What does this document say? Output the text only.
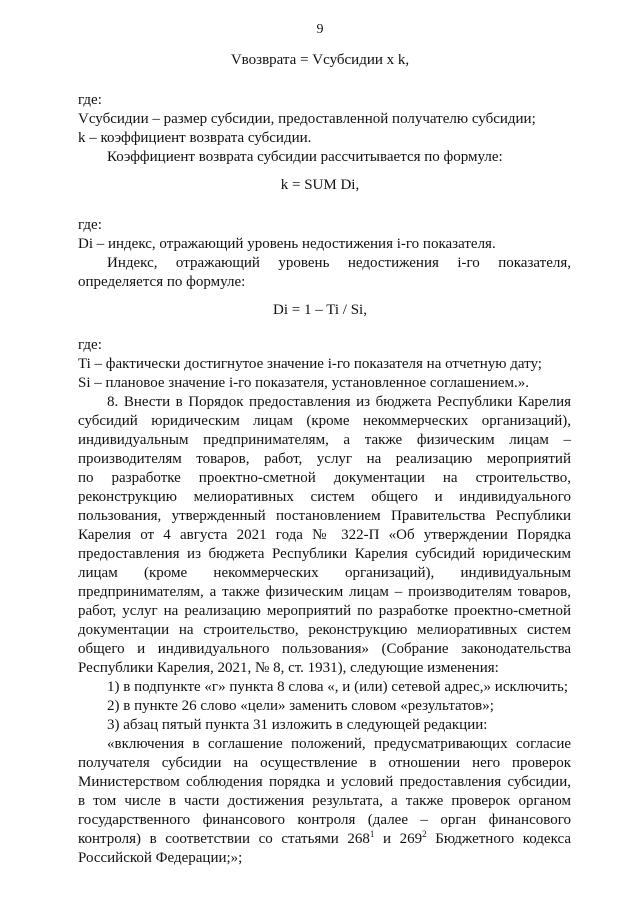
9
Vвозврата = Vсубсидии x k,
где:
Vсубсидии – размер субсидии, предоставленной получателю субсидии;
k – коэффициент возврата субсидии.
Коэффициент возврата субсидии рассчитывается по формуле:
k = SUM Di,
где:
Di – индекс, отражающий уровень недостижения i-го показателя.
Индекс, отражающий уровень недостижения i-го показателя,
определяется по формуле:
Di = 1 – Ti / Si,
где:
Ti – фактически достигнутое значение i-го показателя на отчетную дату;
Si – плановое значение i-го показателя, установленное соглашением.».
8. Внести в Порядок предоставления из бюджета Республики Карелия
субсидий юридическим лицам (кроме некоммерческих организаций),
индивидуальным предпринимателям, а также физическим лицам –
производителям товаров, работ, услуг на реализацию мероприятий
по разработке проектно-сметной документации на строительство,
реконструкцию мелиоративных систем общего и индивидуального
пользования, утвержденный постановлением Правительства Республики
Карелия от 4 августа 2021 года № 322-П «Об утверждении Порядка
предоставления из бюджета Республики Карелия субсидий юридическим
лицам (кроме некоммерческих организаций), индивидуальным
предпринимателям, а также физическим лицам – производителям товаров,
работ, услуг на реализацию мероприятий по разработке проектно-сметной
документации на строительство, реконструкцию мелиоративных систем
общего и индивидуального пользования» (Собрание законодательства
Республики Карелия, 2021, № 8, ст. 1931), следующие изменения:
1) в подпункте «г» пункта 8 слова «, и (или) сетевой адрес,» исключить;
2) в пункте 26 слово «цели» заменить словом «результатов»;
3) абзац пятый пункта 31 изложить в следующей редакции:
«включения в соглашение положений, предусматривающих согласие
получателя субсидии на осуществление в отношении него проверок
Министерством соблюдения порядка и условий предоставления субсидии,
в том числе в части достижения результата, а также проверок органом
государственного финансового контроля (далее – орган финансового
контроля) в соответствии со статьями $268^1$ и $269^2$ Бюджетного кодекса
Российской Федерации;»;
